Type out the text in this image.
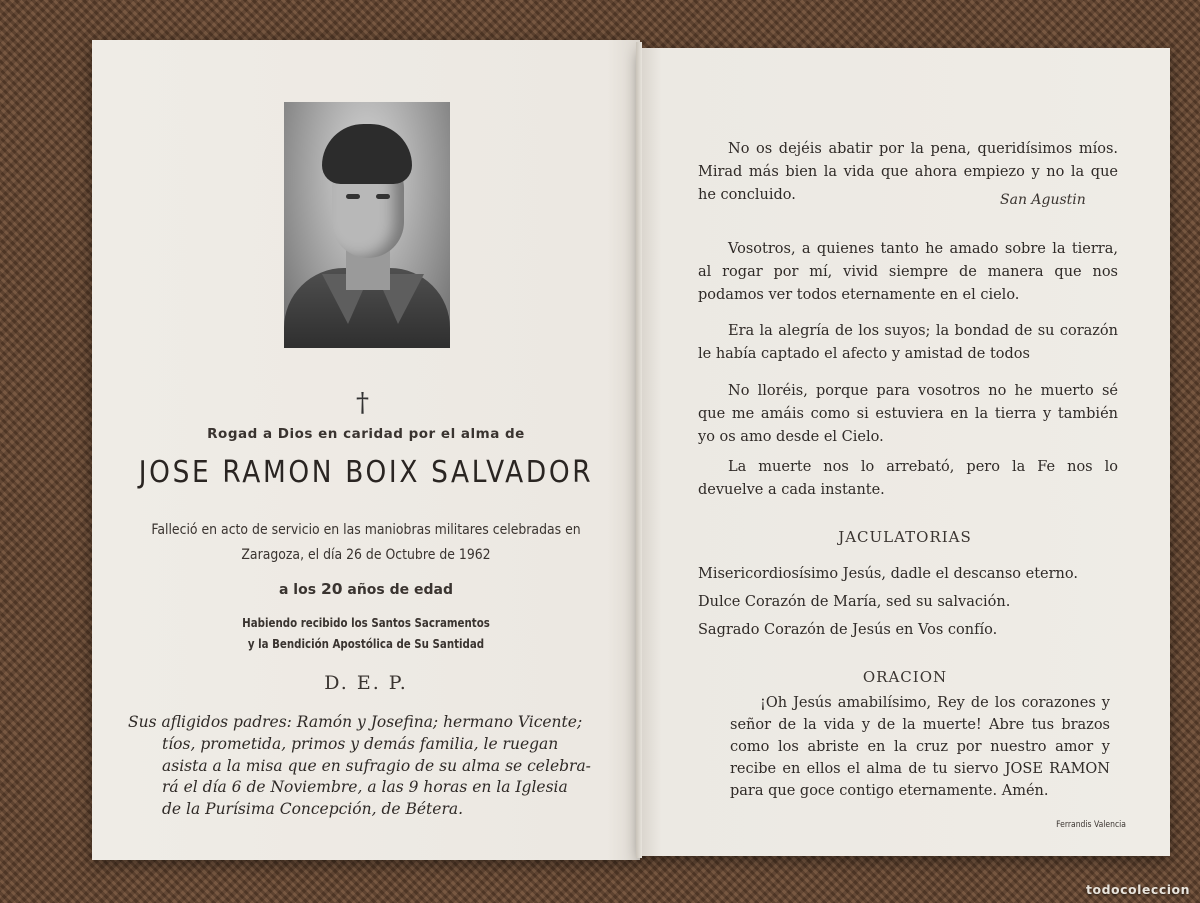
†
Rogad a Dios en caridad por el alma de
JOSE RAMON BOIX SALVADOR
Falleció en acto de servicio en las maniobras militares celebradas en
Zaragoza, el día 26 de Octubre de 1962
a los 20 años de edad
Habiendo recibido los Santos Sacramentos
y la Bendición Apostólica de Su Santidad
D. E. P.
Sus afligidos padres: Ramón y Josefina; hermano Vicente;
tíos, prometida, primos y demás familia, le ruegan
asista a la misa que en sufragio de su alma se celebra-
rá el día 6 de Noviembre, a las 9 horas en la Iglesia
de la Purísima Concepción, de Bétera.
No os dejéis abatir por la pena, queridísimos míos. Mirad más bien la vida que ahora empiezo y no la que he concluido.	San Agustin
Vosotros, a quienes tanto he amado sobre la tierra, al rogar por mí, vivid siempre de manera que nos podamos ver todos eternamente en el cielo.
Era la alegría de los suyos; la bondad de su corazón le había captado el afecto y amistad de todos
No lloréis, porque para vosotros no he muerto sé que me amáis como si estuviera en la tierra y también yo os amo desde el Cielo.
La muerte nos lo arrebató, pero la Fe nos lo devuelve a cada instante.
JACULATORIAS
Misericordiosísimo Jesús, dadle el descanso eterno.
Dulce Corazón de María, sed su salvación.
Sagrado Corazón de Jesús en Vos confío.
ORACION
¡Oh Jesús amabilísimo, Rey de los corazones y señor de la vida y de la muerte! Abre tus brazos como los abriste en la cruz por nuestro amor y recibe en ellos el alma de tu siervo JOSE RAMON para que goce contigo eternamente. Amén.
Ferrandis Valencia
todocoleccion
